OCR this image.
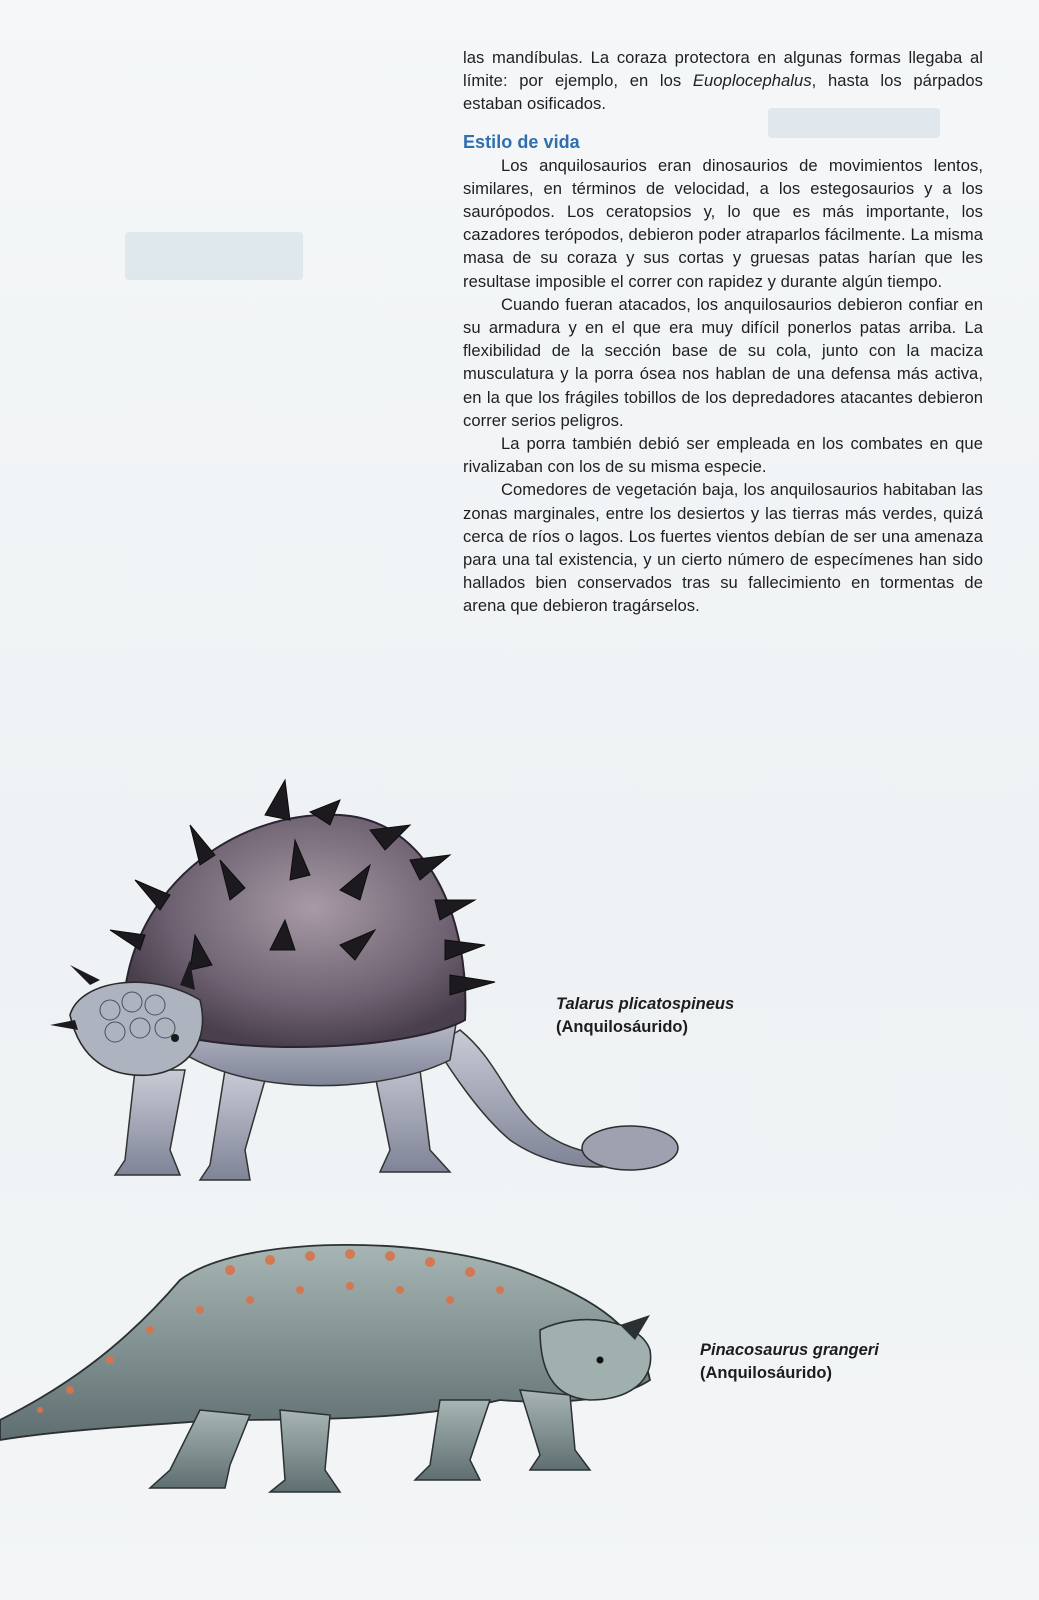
las mandíbulas. La coraza protectora en algunas formas llegaba al límite: por ejemplo, en los Euoplocephalus, hasta los párpados estaban osificados.

Estilo de vida

Los anquilosaurios eran dinosaurios de movimientos lentos, similares, en términos de velocidad, a los estegosaurios y a los saurópodos. Los ceratopsios y, lo que es más importante, los cazadores terópodos, debieron poder atraparlos fácilmente. La misma masa de su coraza y sus cortas y gruesas patas harían que les resultase imposible el correr con rapidez y durante algún tiempo.

Cuando fueran atacados, los anquilosaurios debieron confiar en su armadura y en el que era muy difícil ponerlos patas arriba. La flexibilidad de la sección base de su cola, junto con la maciza musculatura y la porra ósea nos hablan de una defensa más activa, en la que los frágiles tobillos de los depredadores atacantes debieron correr serios peligros.

La porra también debió ser empleada en los combates en que rivalizaban con los de su misma especie.

Comedores de vegetación baja, los anquilosaurios habitaban las zonas marginales, entre los desiertos y las tierras más verdes, quizá cerca de ríos o lagos. Los fuertes vientos debían de ser una amenaza para una tal existencia, y un cierto número de especímenes han sido hallados bien conservados tras su fallecimiento en tormentas de arena que debieron tragárselos.

Talarus plicatospineus
(Anquilosáurido)
Pinacosaurus grangeri
(Anquilosáurido)
